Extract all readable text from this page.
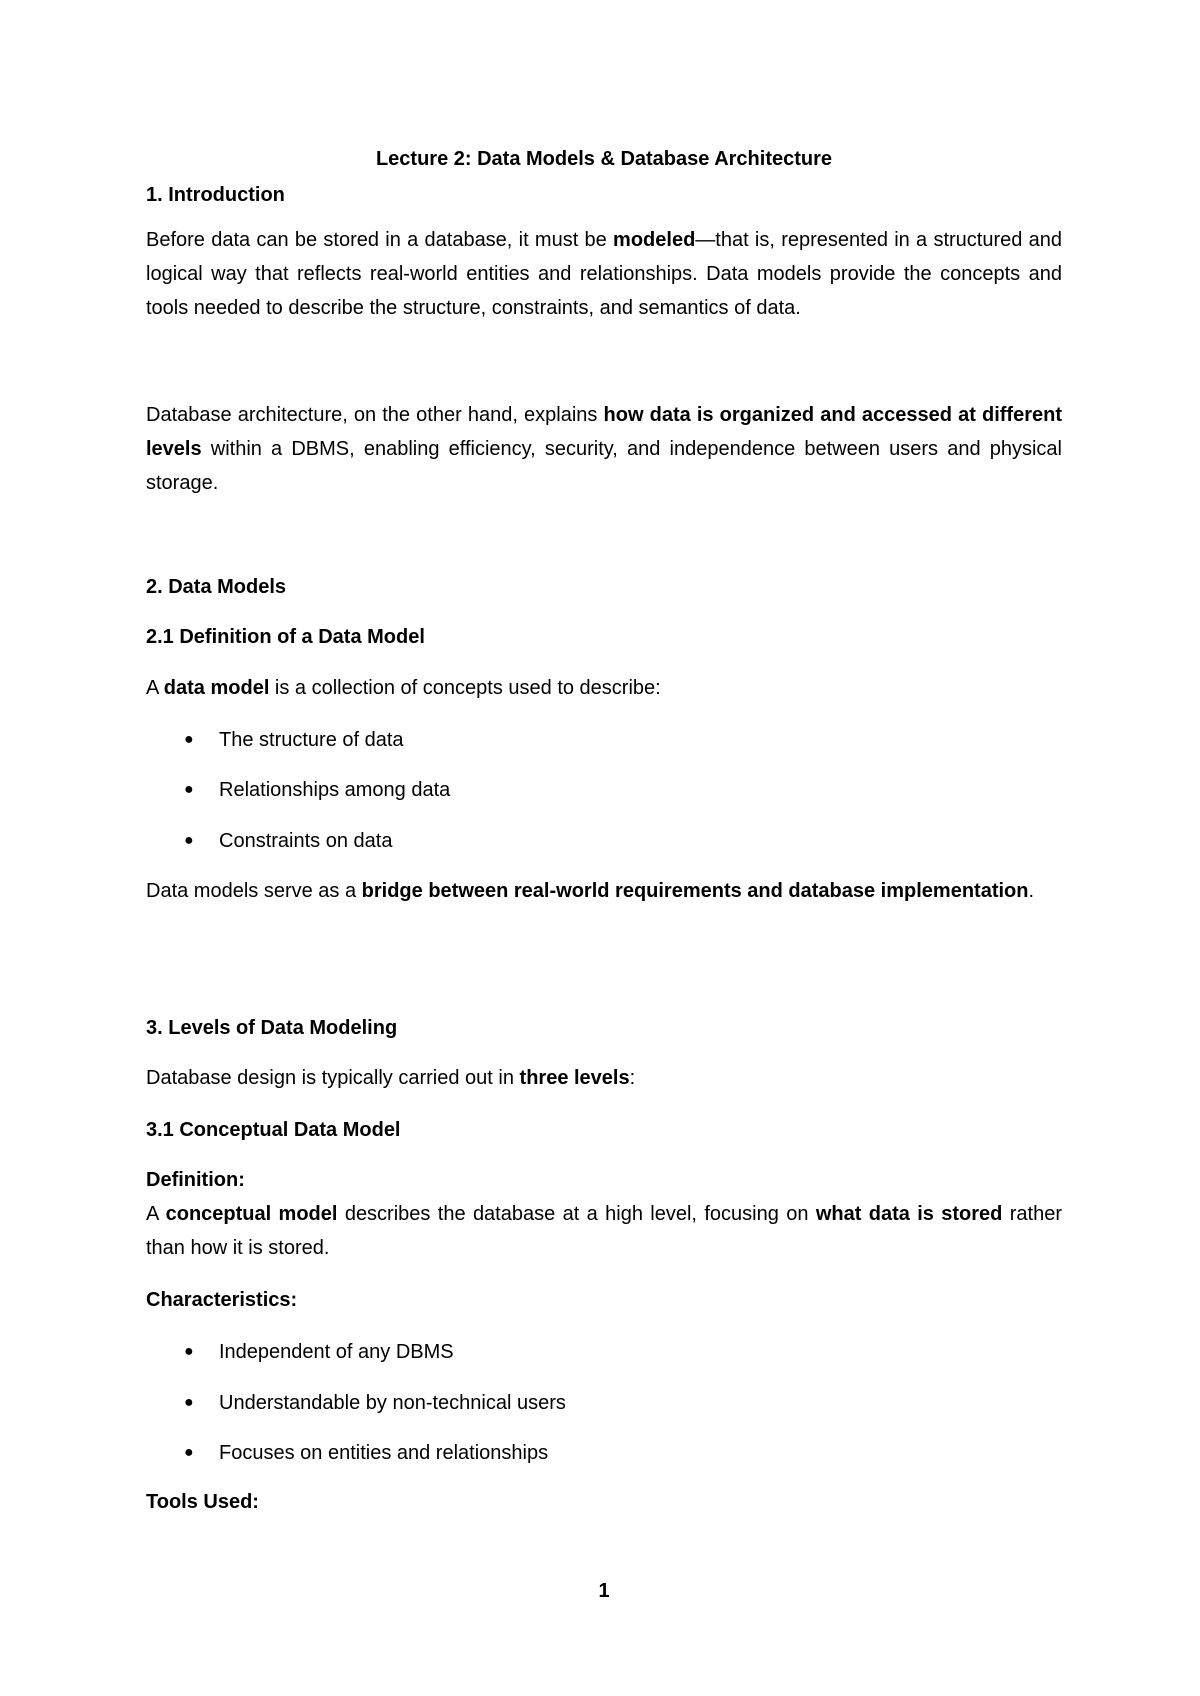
Lecture 2: Data Models & Database Architecture
1. Introduction

Before data can be stored in a database, it must be modeled—that is, represented in a structured and logical way that reflects real-world entities and relationships. Data models provide the concepts and tools needed to describe the structure, constraints, and semantics of data.

Database architecture, on the other hand, explains how data is organized and accessed at different levels within a DBMS, enabling efficiency, security, and independence between users and physical storage.

2. Data Models
2.1 Definition of a Data Model

A data model is a collection of concepts used to describe:

● The structure of data
● Relationships among data
● Constraints on data

Data models serve as a bridge between real-world requirements and database implementation.

3. Levels of Data Modeling

Database design is typically carried out in three levels:

3.1 Conceptual Data Model
Definition:

A conceptual model describes the database at a high level, focusing on what data is stored rather than how it is stored.

Characteristics:
● Independent of any DBMS
● Understandable by non-technical users
● Focuses on entities and relationships
Tools Used:
1
